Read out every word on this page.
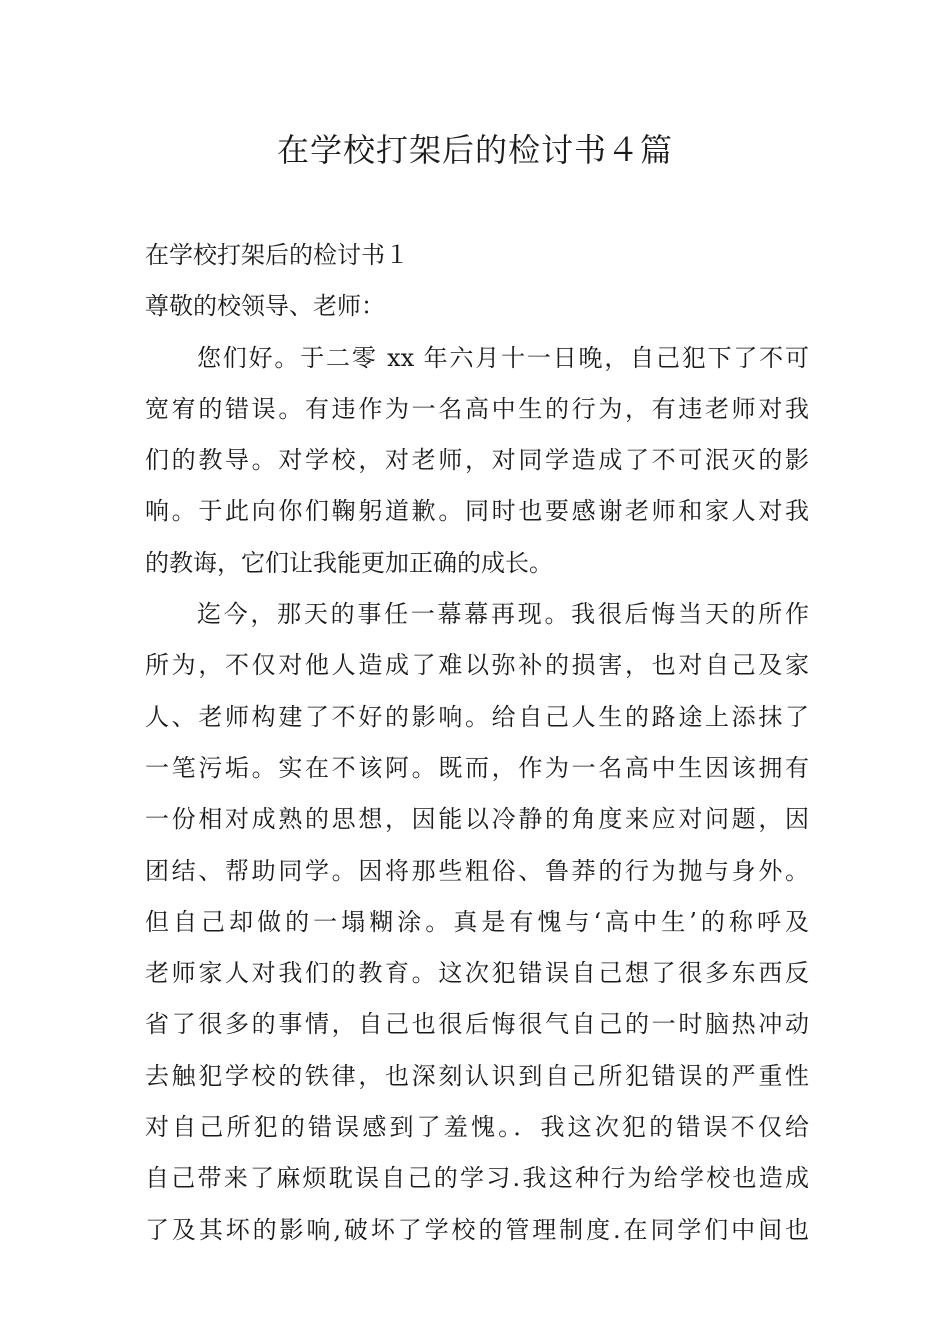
在学校打架后的检讨书４篇
在学校打架后的检讨书１
尊敬的校领导、老师：
您们好。于二零 xx 年六月十一日晚，自己犯下了不可
宽宥的错误。有违作为一名高中生的行为，有违老师对我
们的教导。对学校，对老师，对同学造成了不可泯灭的影
响。于此向你们鞠躬道歉。同时也要感谢老师和家人对我
的教诲，它们让我能更加正确的成长。
迄今，那天的事任一幕幕再现。我很后悔当天的所作
所为，不仅对他人造成了难以弥补的损害，也对自己及家
人、老师构建了不好的影响。给自己人生的路途上添抹了
一笔污垢。实在不该阿。既而，作为一名高中生因该拥有
一份相对成熟的思想，因能以冷静的角度来应对问题，因
团结、帮助同学。因将那些粗俗、鲁莽的行为抛与身外。
但自己却做的一塌糊涂。真是有愧与‘高中生’的称呼及
老师家人对我们的教育。这次犯错误自己想了很多东西反
省了很多的事情，自己也很后悔很气自己的一时脑热冲动
去触犯学校的铁律，也深刻认识到自己所犯错误的严重性
对自己所犯的错误感到了羞愧。．我这次犯的错误不仅给
自己带来了麻烦耽误自己的学习.我这种行为给学校也造成
了及其坏的影响,破坏了学校的管理制度.在同学们中间也
